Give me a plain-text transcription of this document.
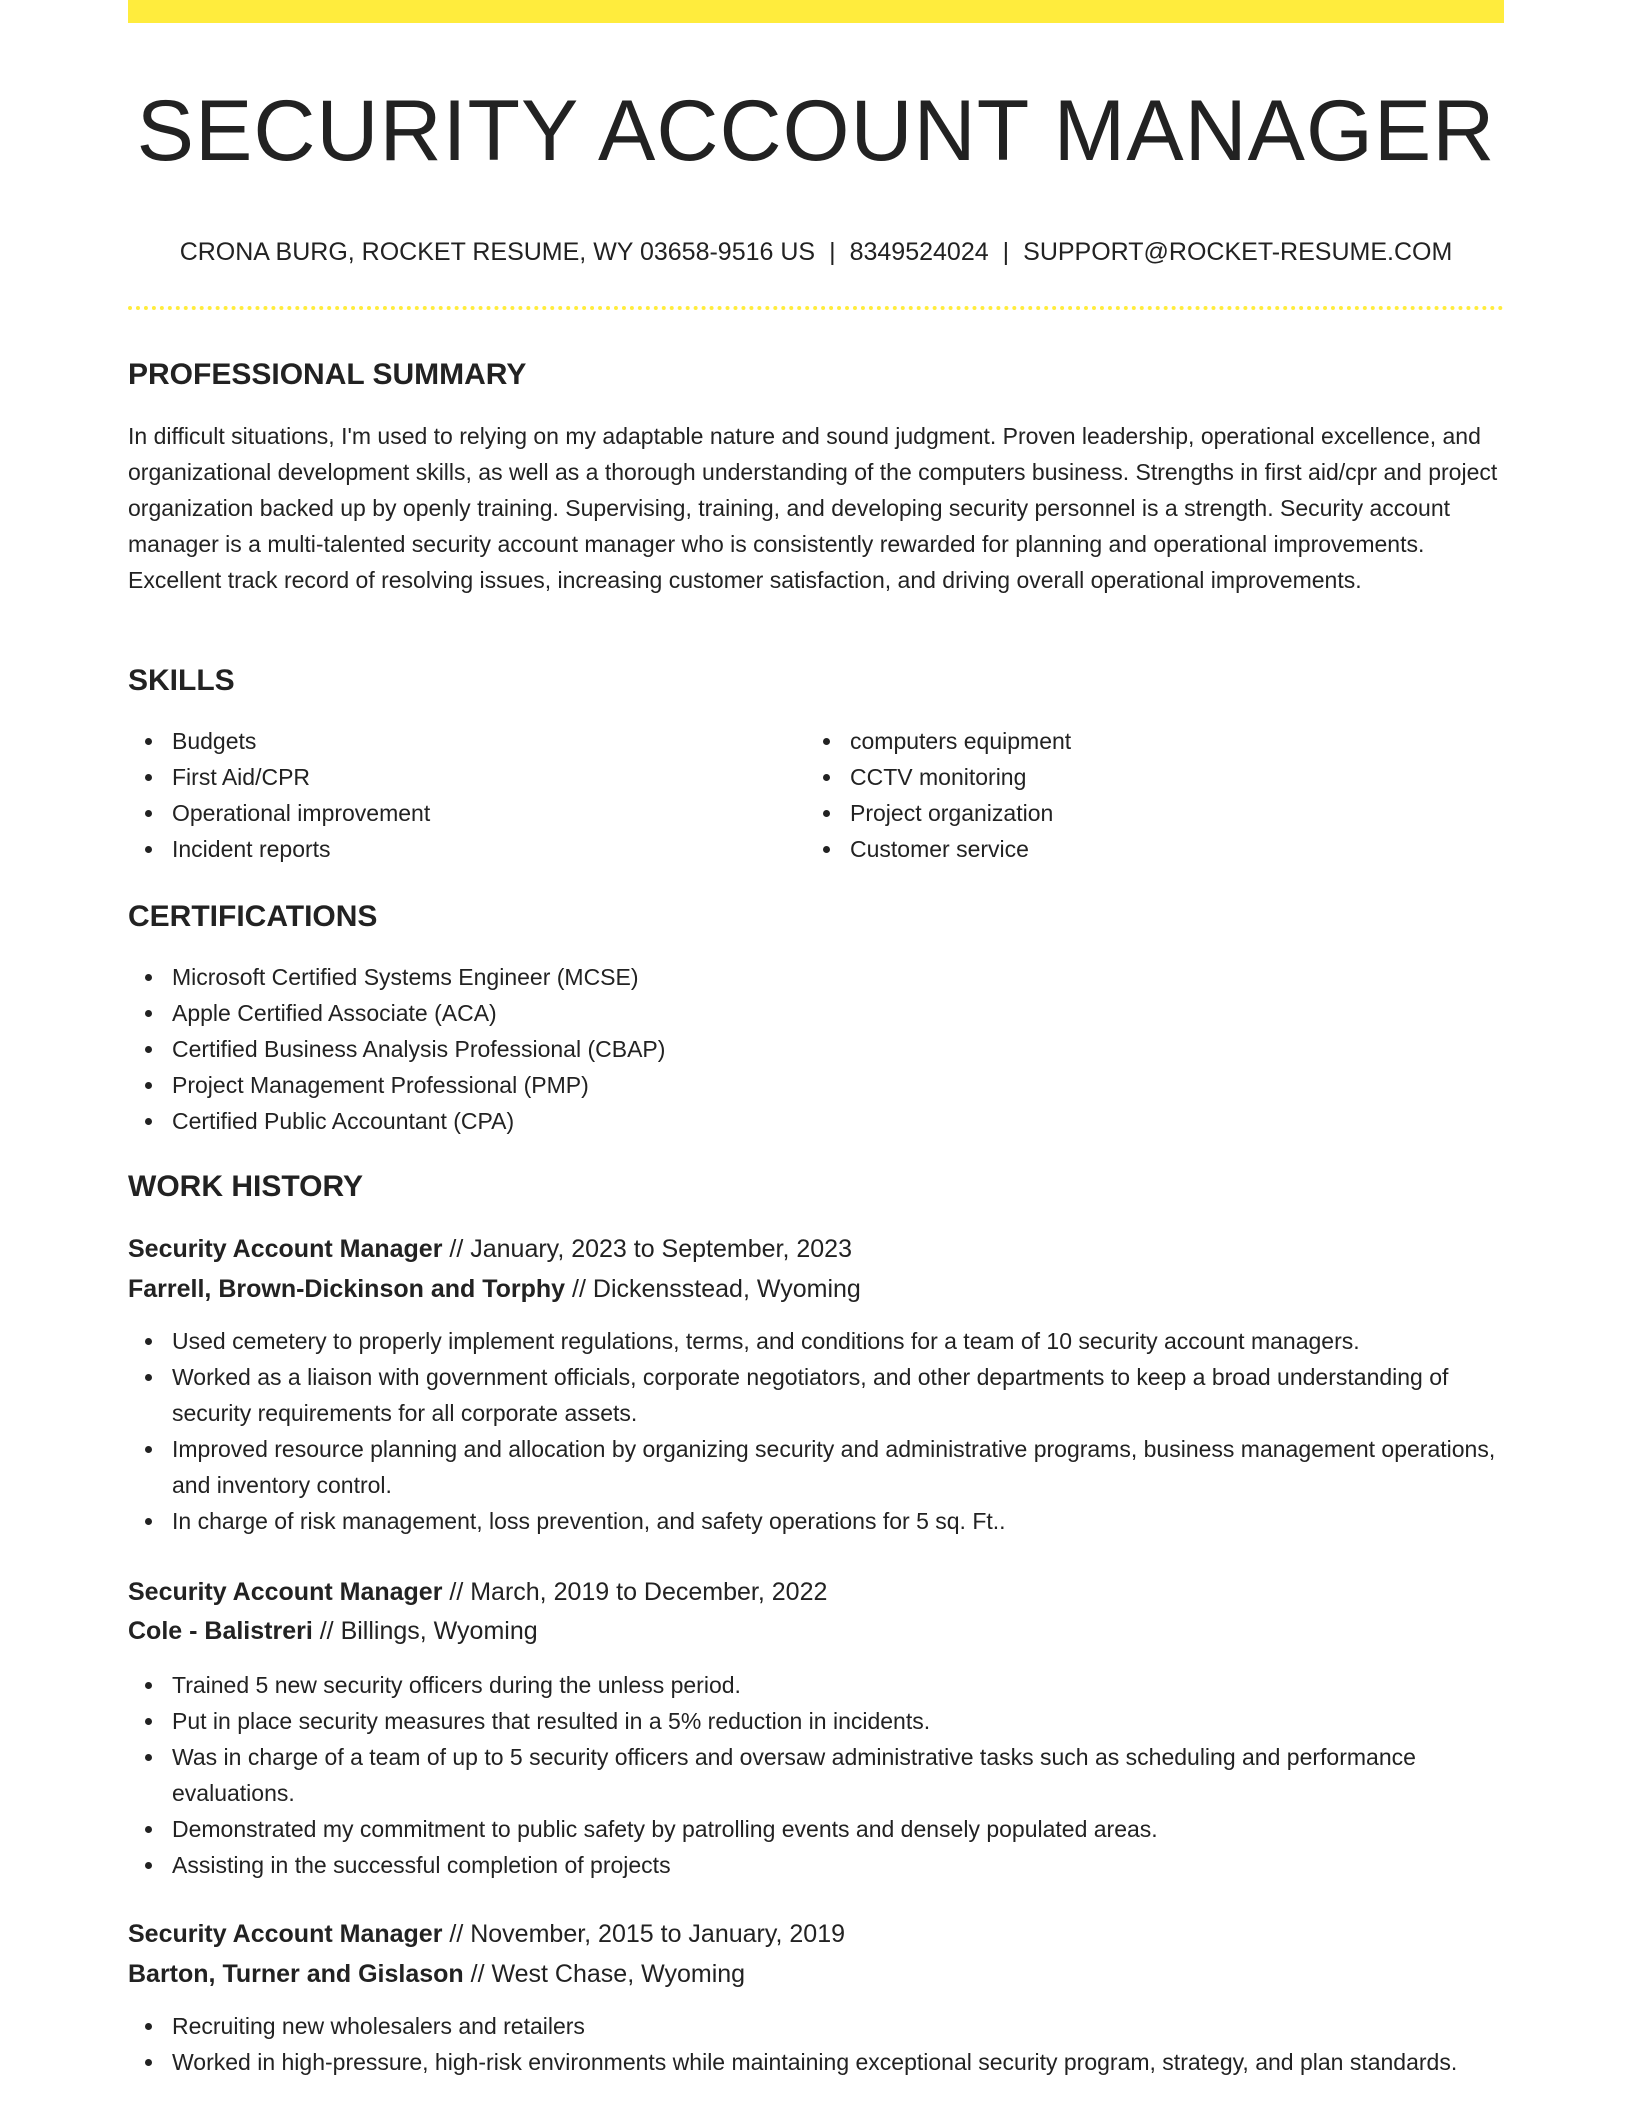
SECURITY ACCOUNT MANAGER
CRONA BURG, ROCKET RESUME, WY 03658-9516 US | 8349524024 | SUPPORT@ROCKET-RESUME.COM
PROFESSIONAL SUMMARY

In difficult situations, I'm used to relying on my adaptable nature and sound judgment. Proven leadership, operational excellence, and organizational development skills, as well as a thorough understanding of the computers business. Strengths in first aid/cpr and project organization backed up by openly training. Supervising, training, and developing security personnel is a strength. Security account manager is a multi-talented security account manager who is consistently rewarded for planning and operational improvements. Excellent track record of resolving issues, increasing customer satisfaction, and driving overall operational improvements.

SKILLS
Budgets
First Aid/CPR
Operational improvement
Incident reports
computers equipment
CCTV monitoring
Project organization
Customer service
CERTIFICATIONS
Microsoft Certified Systems Engineer (MCSE)
Apple Certified Associate (ACA)
Certified Business Analysis Professional (CBAP)
Project Management Professional (PMP)
Certified Public Accountant (CPA)
WORK HISTORY
Security Account Manager // January, 2023 to September, 2023
Farrell, Brown-Dickinson and Torphy // Dickensstead, Wyoming
Used cemetery to properly implement regulations, terms, and conditions for a team of 10 security account managers.
Worked as a liaison with government officials, corporate negotiators, and other departments to keep a broad understanding of security requirements for all corporate assets.
Improved resource planning and allocation by organizing security and administrative programs, business management operations, and inventory control.
In charge of risk management, loss prevention, and safety operations for 5 sq. Ft..
Security Account Manager // March, 2019 to December, 2022
Cole - Balistreri // Billings, Wyoming
Trained 5 new security officers during the unless period.
Put in place security measures that resulted in a 5% reduction in incidents.
Was in charge of a team of up to 5 security officers and oversaw administrative tasks such as scheduling and performance evaluations.
Demonstrated my commitment to public safety by patrolling events and densely populated areas.
Assisting in the successful completion of projects
Security Account Manager // November, 2015 to January, 2019
Barton, Turner and Gislason // West Chase, Wyoming
Recruiting new wholesalers and retailers
Worked in high-pressure, high-risk environments while maintaining exceptional security program, strategy, and plan standards.
